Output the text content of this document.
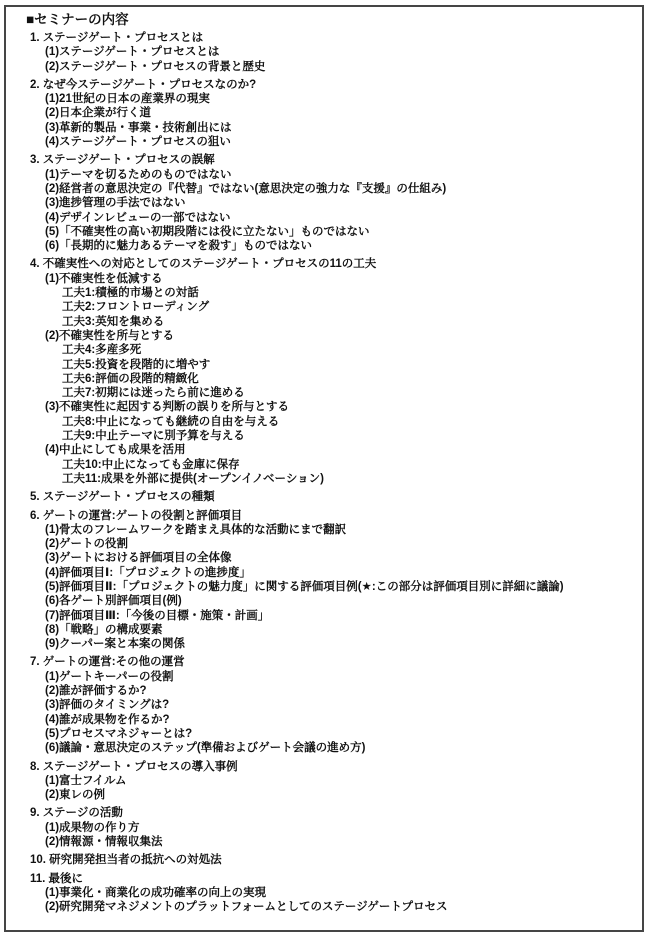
■セミナーの内容
1. ステージゲート・プロセスとは
(1)ステージゲート・プロセスとは
(2)ステージゲート・プロセスの背景と歴史
2. なぜ今ステージゲート・プロセスなのか?
(1)21世紀の日本の産業界の現実
(2)日本企業が行く道
(3)革新的製品・事業・技術創出には
(4)ステージゲート・プロセスの狙い
3. ステージゲート・プロセスの誤解
(1)テーマを切るためのものではない
(2)経営者の意思決定の『代替』ではない(意思決定の強力な『支援』の仕組み)
(3)進捗管理の手法ではない
(4)デザインレビューの一部ではない
(5)「不確実性の高い初期段階には役に立たない」ものではない
(6)「長期的に魅力あるテーマを殺す」ものではない
4. 不確実性への対応としてのステージゲート・プロセスの11の工夫
(1)不確実性を低減する
工夫1:積極的市場との対話
工夫2:フロントローディング
工夫3:英知を集める
(2)不確実性を所与とする
工夫4:多産多死
工夫5:投資を段階的に増やす
工夫6:評価の段階的精緻化
工夫7:初期には迷ったら前に進める
(3)不確実性に起因する判断の誤りを所与とする
工夫8:中止になっても継続の自由を与える
工夫9:中止テーマに別予算を与える
(4)中止にしても成果を活用
工夫10:中止になっても金庫に保存
工夫11:成果を外部に提供(オープンイノベーション)
5. ステージゲート・プロセスの種類
6. ゲートの運営:ゲートの役割と評価項目
(1)骨太のフレームワークを踏まえ具体的な活動にまで翻訳
(2)ゲートの役割
(3)ゲートにおける評価項目の全体像
(4)評価項目Ⅰ:「プロジェクトの進捗度」
(5)評価項目Ⅱ:「プロジェクトの魅力度」に関する評価項目例(★:この部分は評価項目別に詳細に議論)
(6)各ゲート別評価項目(例)
(7)評価項目Ⅲ:「今後の目標・施策・計画」
(8)「戦略」の構成要素
(9)クーパー案と本案の関係
7. ゲートの運営:その他の運営
(1)ゲートキーパーの役割
(2)誰が評価するか?
(3)評価のタイミングは?
(4)誰が成果物を作るか?
(5)プロセスマネジャーとは?
(6)議論・意思決定のステップ(準備およびゲート会議の進め方)
8. ステージゲート・プロセスの導入事例
(1)富士フイルム
(2)東レの例
9. ステージの活動
(1)成果物の作り方
(2)情報源・情報収集法
10. 研究開発担当者の抵抗への対処法
11. 最後に
(1)事業化・商業化の成功確率の向上の実現
(2)研究開発マネジメントのプラットフォームとしてのステージゲートプロセス
